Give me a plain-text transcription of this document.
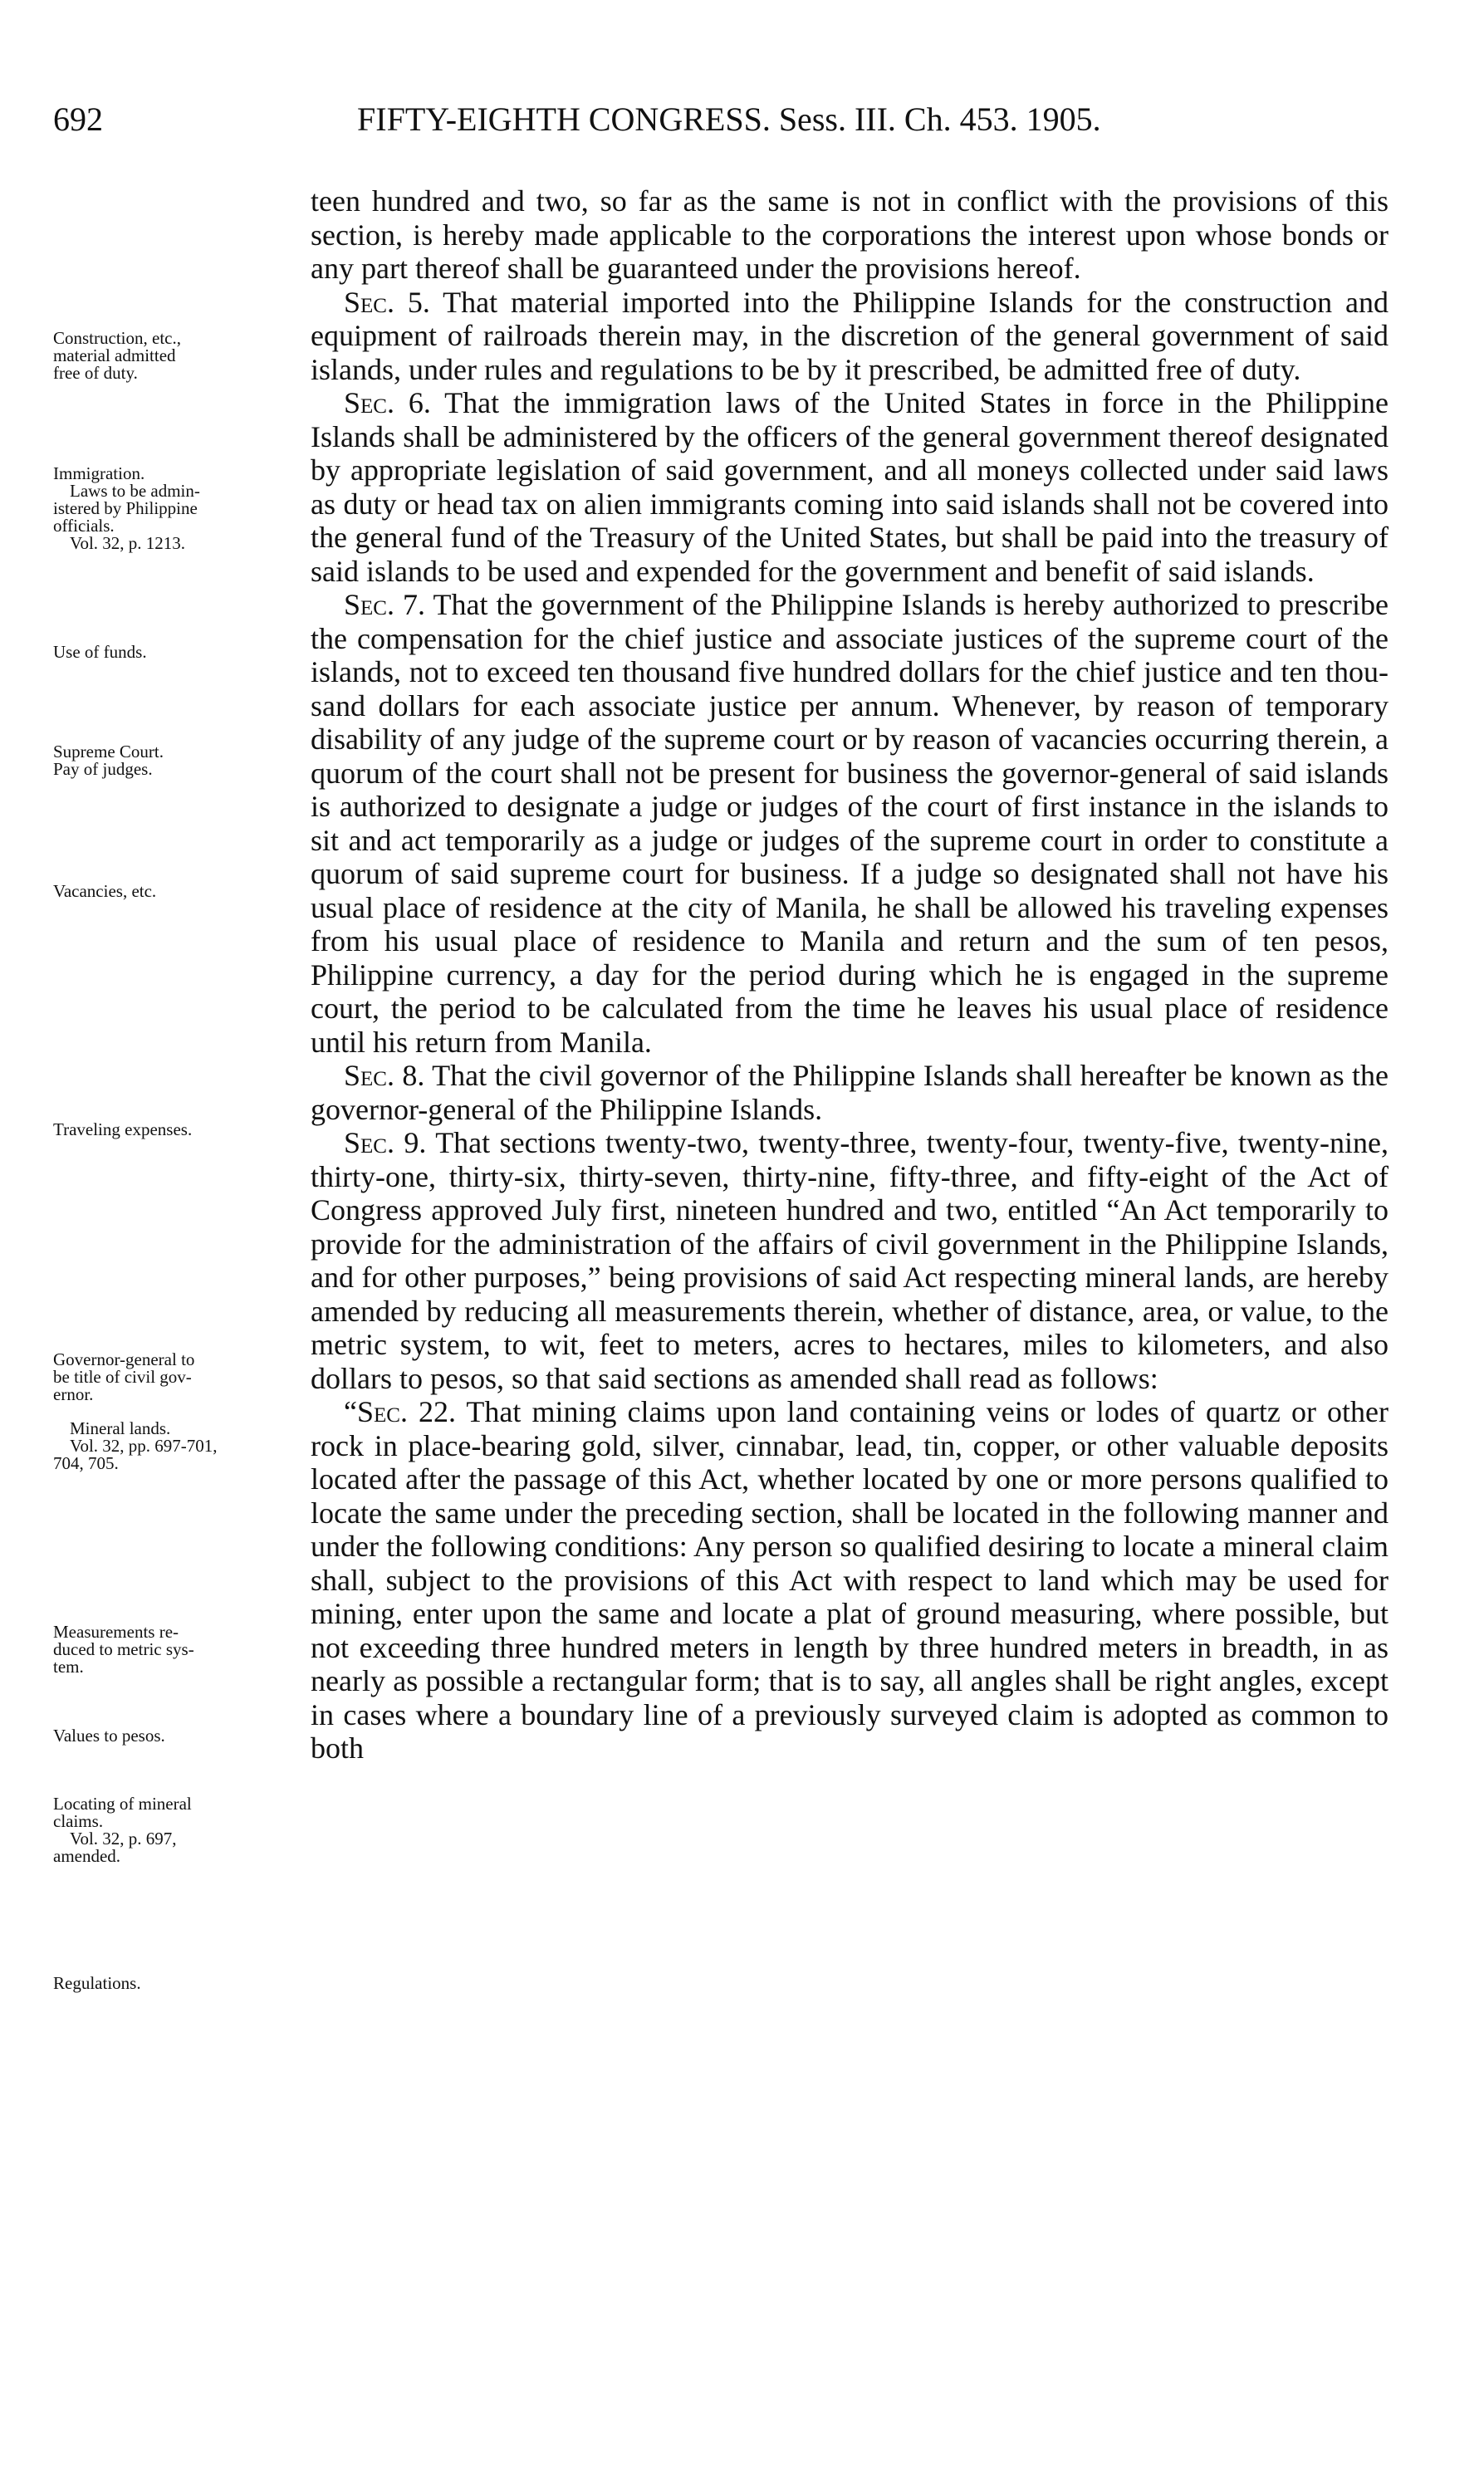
692	FIFTY-EIGHTH CONGRESS. Sess. III. Ch. 453. 1905.
Construction, etc.,
material admitted
free of duty.
Immigration.
Laws to be admin-
istered by Philippine
officials.
Vol. 32, p. 1213.
Use of funds.
Supreme Court.
Pay of judges.
Vacancies, etc.
Traveling expenses.
Governor-general to
be title of civil gov-
ernor.
Mineral lands.
Vol. 32, pp. 697-701,
704, 705.
Measurements re-
duced to metric sys-
tem.
Values to pesos.
Locating of mineral
claims.
Vol. 32, p. 697,
amended.
Regulations.

teen hundred and two, so far as the same is not in conflict with the provisions of this section, is hereby made applicable to the corporations the interest upon whose bonds or any part thereof shall be guaranteed under the provisions hereof.

Sec. 5. That material imported into the Philippine Islands for the construction and equipment of railroads therein may, in the discretion of the general government of said islands, under rules and regulations to be by it prescribed, be admitted free of duty.

Sec. 6. That the immigration laws of the United States in force in the Philippine Islands shall be administered by the officers of the general government thereof designated by appropriate legislation of said government, and all moneys collected under said laws as duty or head tax on alien immigrants coming into said islands shall not be covered into the general fund of the Treasury of the United States, but shall be paid into the treasury of said islands to be used and expended for the government and benefit of said islands.

Sec. 7. That the government of the Philippine Islands is hereby authorized to prescribe the compensation for the chief justice and associate justices of the supreme court of the islands, not to exceed ten thousand five hundred dollars for the chief justice and ten thousand dollars for each associate justice per annum. Whenever, by reason of temporary disability of any judge of the supreme court or by reason of vacancies occurring therein, a quorum of the court shall not be present for business the governor-general of said islands is authorized to designate a judge or judges of the court of first instance in the islands to sit and act temporarily as a judge or judges of the supreme court in order to constitute a quorum of said supreme court for business. If a judge so designated shall not have his usual place of residence at the city of Manila, he shall be allowed his traveling expenses from his usual place of residence to Manila and return and the sum of ten pesos, Philippine currency, a day for the period during which he is engaged in the supreme court, the period to be calculated from the time he leaves his usual place of residence until his return from Manila.

Sec. 8. That the civil governor of the Philippine Islands shall hereafter be known as the governor-general of the Philippine Islands.

Sec. 9. That sections twenty-two, twenty-three, twenty-four, twenty-five, twenty-nine, thirty-one, thirty-six, thirty-seven, thirty-nine, fifty-three, and fifty-eight of the Act of Congress approved July first, nineteen hundred and two, entitled “An Act temporarily to provide for the administration of the affairs of civil government in the Philippine Islands, and for other purposes,” being provisions of said Act respecting mineral lands, are hereby amended by reducing all measurements therein, whether of distance, area, or value, to the metric system, to wit, feet to meters, acres to hectares, miles to kilometers, and also dollars to pesos, so that said sections as amended shall read as follows:

“Sec. 22. That mining claims upon land containing veins or lodes of quartz or other rock in place-bearing gold, silver, cinnabar, lead, tin, copper, or other valuable deposits located after the passage of this Act, whether located by one or more persons qualified to locate the same under the preceding section, shall be located in the following manner and under the following conditions: Any person so qualified desiring to locate a mineral claim shall, subject to the provisions of this Act with respect to land which may be used for mining, enter upon the same and locate a plat of ground measuring, where possible, but not exceeding three hundred meters in length by three hundred meters in breadth, in as nearly as possible a rectangular form; that is to say, all angles shall be right angles, except in cases where a boundary line of a previously surveyed claim is adopted as common to both
